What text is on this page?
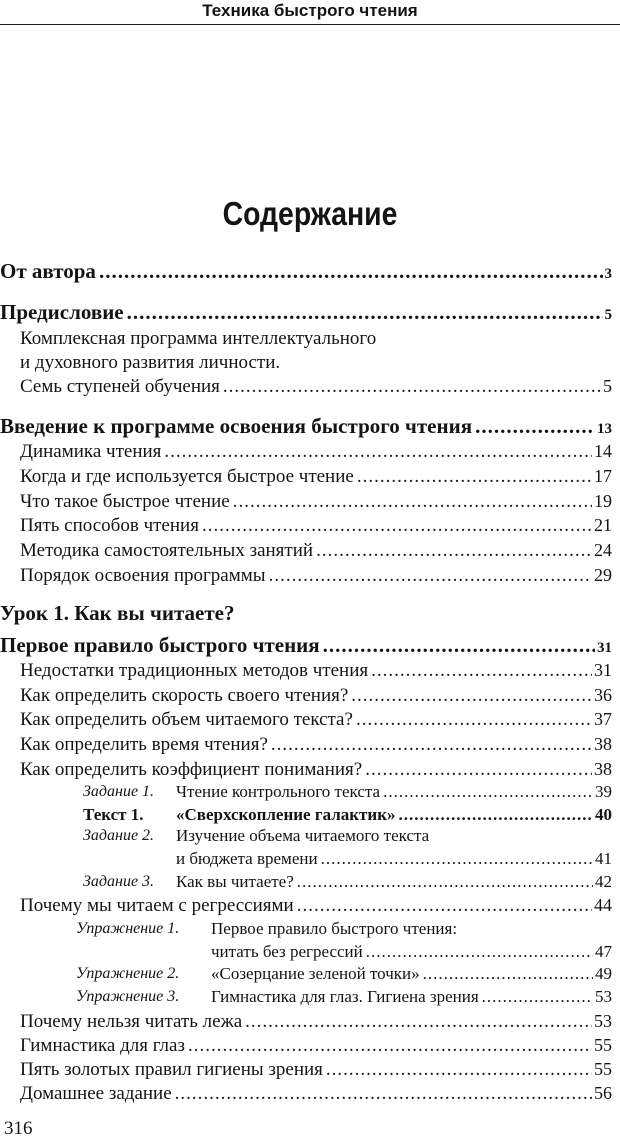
Техника быстрого чтения
Содержание
От автора .....	3
Предисловие .....	5
Комплексная программа интеллектуального
и духовного развития личности.
Семь ступеней обучения .....	5
Введение к программе освоения быстрого чтения .....	13
Динамика чтения .....	14
Когда и где используется быстрое чтение .....	17
Что такое быстрое чтение .....	19
Пять способов чтения .....	21
Методика самостоятельных занятий .....	24
Порядок освоения программы .....	29
Урок 1. Как вы читаете?
Первое правило быстрого чтения .....	31
Недостатки традиционных методов чтения .....	31
Как определить скорость своего чтения? .....	36
Как определить объем читаемого текста? .....	37
Как определить время чтения? .....	38
Как определить коэффициент понимания? .....	38
Задание 1. Чтение контрольного текста .....	39
Текст 1. «Сверхскопление галактик» .....	40
Задание 2. Изучение объема читаемого текста
и бюджета времени .....	41
Задание 3. Как вы читаете? .....	42
Почему мы читаем с регрессиями .....	44
Упражнение 1. Первое правило быстрого чтения:
читать без регрессий .....	47
Упражнение 2. «Созерцание зеленой точки» .....	49
Упражнение 3. Гимнастика для глаз. Гигиена зрения .....	53
Почему нельзя читать лежа .....	53
Гимнастика для глаз .....	55
Пять золотых правил гигиены зрения .....	55
Домашнее задание .....	56
316
